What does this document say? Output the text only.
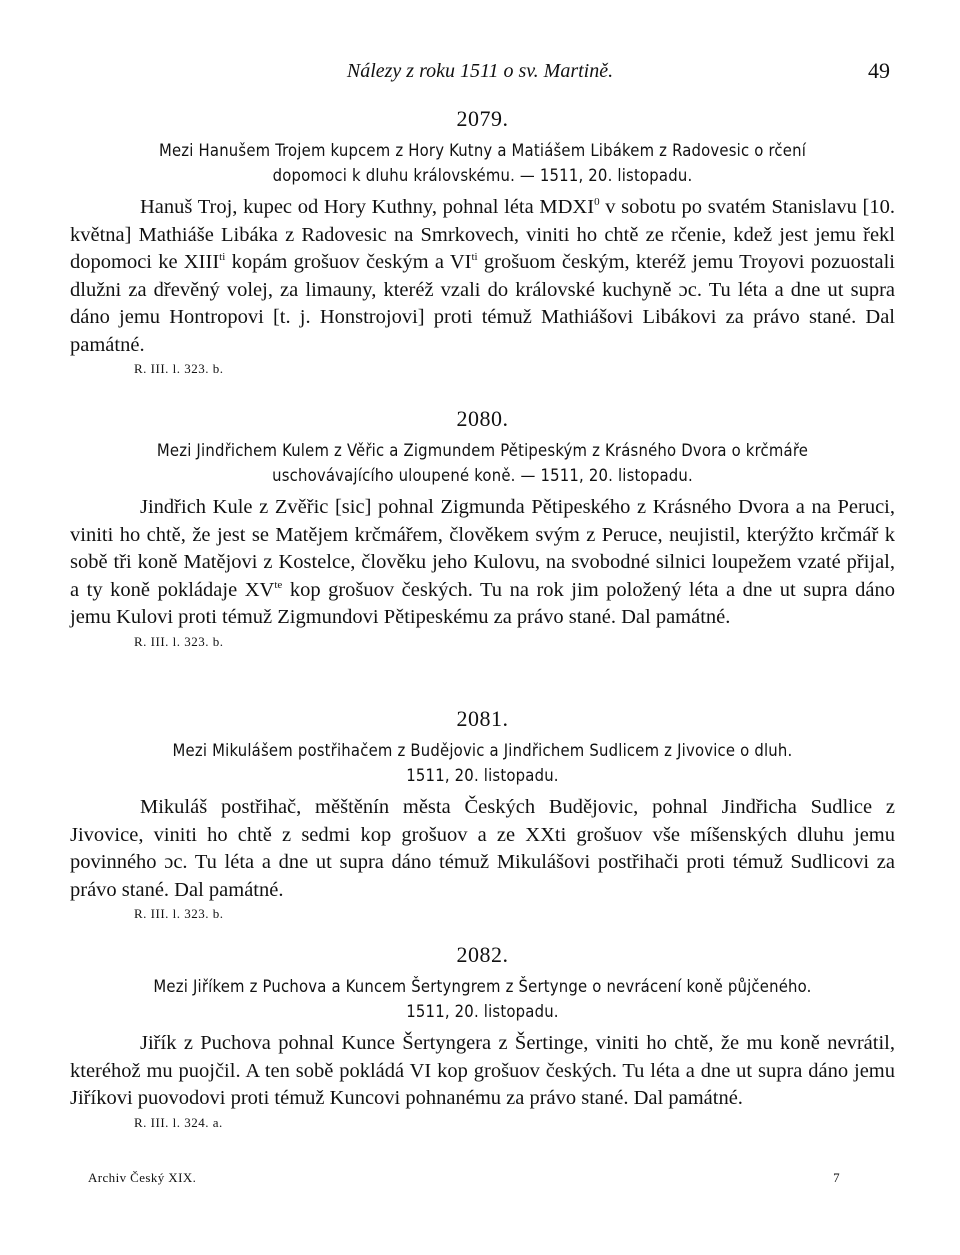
Nálezy z roku 1511 o sv. Martině.	49
2079.
Mezi Hanušem Trojem kupcem z Hory Kutny a Matiášem Libákem z Radovesic o rčení
dopomoci k dluhu královskému. — 1511, 20. listopadu.
Hanuš Troj, kupec od Hory Kuthny, pohnal léta MDXI$^0$ v sobotu po svatém Stanislavu [10. května] Mathiáše Libáka z Radovesic na Smrkovech, viniti ho chtě ze rčenie, kdež jest jemu řekl dopomoci ke $XIII^{ti}$ kopám grošuov českým a $VI^{ti}$ grošuom českým, kteréž jemu Troyovi pozuostali dlužni za dřevěný volej, za limauny, kteréž vzali do královské kuchyně ɔc. Tu léta a dne ut supra dáno jemu Hontropovi [t. j. Honstrojovi] proti témuž Mathiášovi Libákovi za právo stané. Dal památné.
R. III. l. 323. b.
2080.
Mezi Jindřichem Kulem z Věřic a Zigmundem Pětipeským z Krásného Dvora o krčmáře
uschovávajícího uloupené koně. — 1511, 20. listopadu.
Jindřich Kule z Zvěřic [sic] pohnal Zigmunda Pětipeského z Krásného Dvora a na Peruci, viniti ho chtě, že jest se Matějem krčmářem, člověkem svým z Peruce, neujistil, kterýžto krčmář k sobě tři koně Matějovi z Kostelce, člověku jeho Kulovu, na svobodné silnici loupežem vzaté přijal, a ty koně pokládaje $XV^{te}$ kop grošuov českých. Tu na rok jim položený léta a dne ut supra dáno jemu Kulovi proti témuž Zigmundovi Pětipeskému za právo stané. Dal památné.
R. III. l. 323. b.
2081.
Mezi Mikulášem postřihačem z Budějovic a Jindřichem Sudlicem z Jivovice o dluh.
1511, 20. listopadu.
Mikuláš postřihač, měštěnín města Českých Budějovic, pohnal Jindřicha Sudlice z Jivovice, viniti ho chtě z sedmi kop grošuov a ze XXti grošuov vše míšenských dluhu jemu povinného ɔc. Tu léta a dne ut supra dáno témuž Mikulášovi postřihači proti témuž Sudlicovi za právo stané. Dal památné.
R. III. l. 323. b.
2082.
Mezi Jiříkem z Puchova a Kuncem Šertyngrem z Šertynge o nevrácení koně půjčeného.
1511, 20. listopadu.
Jiřík z Puchova pohnal Kunce Šertyngera z Šertinge, viniti ho chtě, že mu koně nevrátil, kteréhož mu puojčil. A ten sobě pokládá VI kop grošuov českých. Tu léta a dne ut supra dáno jemu Jiříkovi puovodovi proti témuž Kuncovi pohnanému za právo stané. Dal památné.
R. III. l. 324. a.
Archiv Český XIX.	7
